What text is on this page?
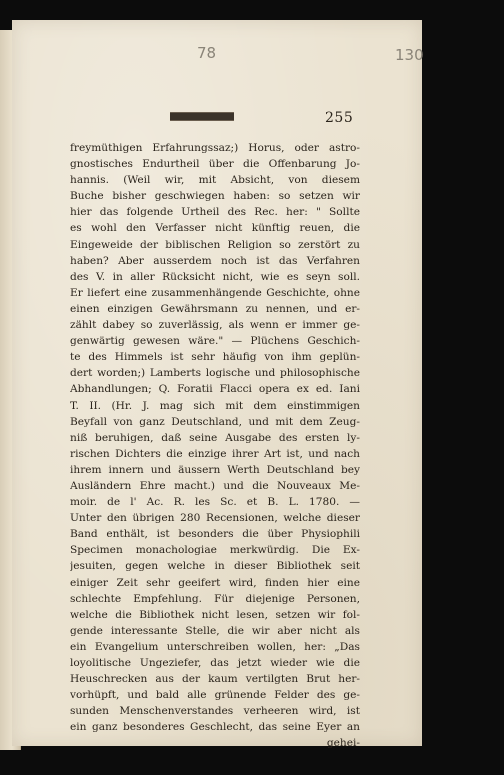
78	130
255
freymüthigen Erfahrungssaz;) Horus, oder astro-
gnostisches Endurtheil über die Offenbarung Jo-
hannis. (Weil wir, mit Absicht, von diesem
Buche bisher geschwiegen haben: so setzen wir
hier das folgende Urtheil des Rec. her: " Sollte
es wohl den Verfasser nicht künftig reuen, die
Eingeweide der biblischen Religion so zerstört zu
haben? Aber ausserdem noch ist das Verfahren
des V. in aller Rücksicht nicht, wie es seyn soll.
Er liefert eine zusammenhängende Geschichte, ohne
einen einzigen Gewährsmann zu nennen, und er-
zählt dabey so zuverlässig, als wenn er immer ge-
genwärtig gewesen wäre." — Plüchens Geschich-
te des Himmels ist sehr häufig von ihm geplün-
dert worden;) Lamberts logische und philosophische
Abhandlungen; Q. Foratii Flacci opera ex ed. Iani
T. II. (Hr. J. mag sich mit dem einstimmigen
Beyfall von ganz Deutschland, und mit dem Zeug-
niß beruhigen, daß seine Ausgabe des ersten ly-
rischen Dichters die einzige ihrer Art ist, und nach
ihrem innern und äussern Werth Deutschland bey
Ausländern Ehre macht.) und die Nouveaux Me-
moir. de l' Ac. R. les Sc. et B. L. 1780. —
Unter den übrigen 280 Recensionen, welche dieser
Band enthält, ist besonders die über Physiophili
Specimen monachologiae merkwürdig. Die Ex-
jesuiten, gegen welche in dieser Bibliothek seit
einiger Zeit sehr geeifert wird, finden hier eine
schlechte Empfehlung. Für diejenige Personen,
welche die Bibliothek nicht lesen, setzen wir fol-
gende interessante Stelle, die wir aber nicht als
ein Evangelium unterschreiben wollen, her: „Das
loyolitische Ungeziefer, das jetzt wieder wie die
Heuschrecken aus der kaum vertilgten Brut her-
vorhüpft, und bald alle grünende Felder des ge-
sunden Menschenverstandes verheeren wird, ist
ein ganz besonderes Geschlecht, das seine Eyer an
gehei-
